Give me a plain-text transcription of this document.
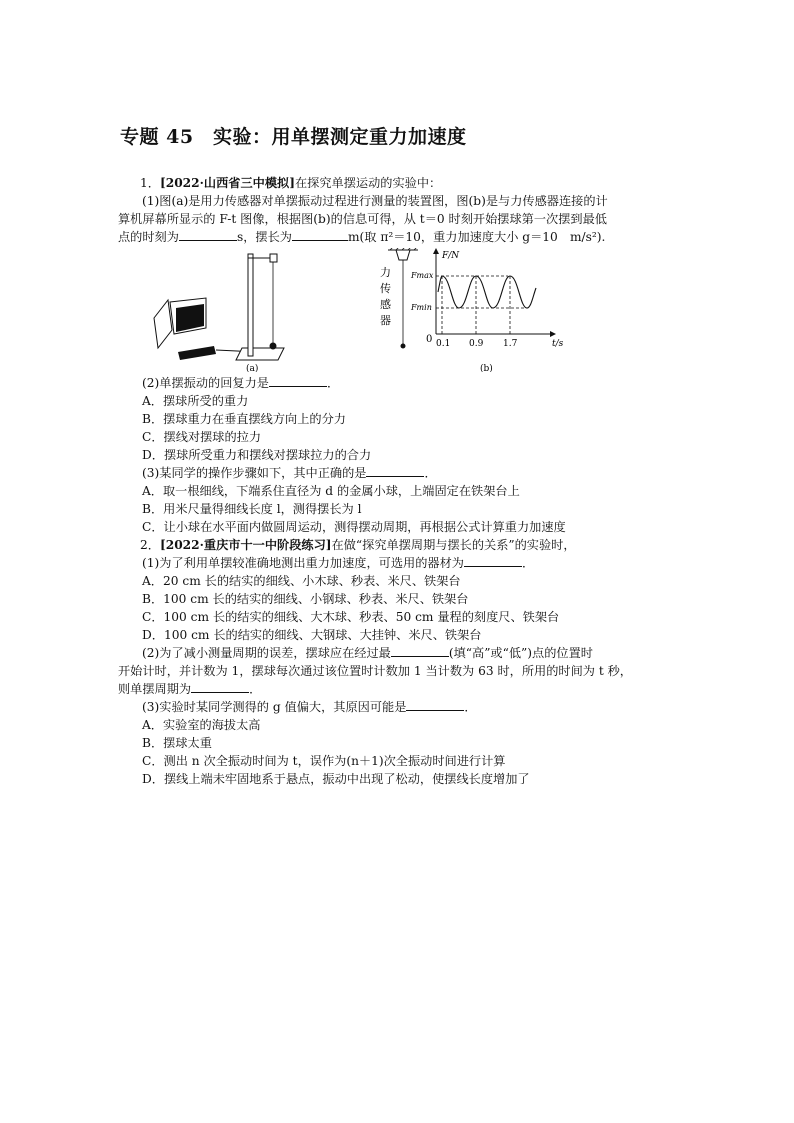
专题 45　实验：用单摆测定重力加速度
1．[2022·山西省三中模拟]在探究单摆运动的实验中：
(1)图(a)是用力传感器对单摆振动过程进行测量的装置图，图(b)是与力传感器连接的计
算机屏幕所显示的 F-t 图像，根据图(b)的信息可得，从 t＝0 时刻开始摆球第一次摆到最低
点的时刻为	s，摆长为	m(取 π²＝10，重力加速度大小 g＝10　m/s²).
(a)
力
传
感
器
F/N
t/s
0
Fmax
Fmin
0.1 0.9 1.7
(b)
(2)单摆振动的回复力是	．
A．摆球所受的重力
B．摆球重力在垂直摆线方向上的分力
C．摆线对摆球的拉力
D．摆球所受重力和摆线对摆球拉力的合力
(3)某同学的操作步骤如下，其中正确的是	．
A．取一根细线，下端系住直径为 d 的金属小球，上端固定在铁架台上
B．用米尺量得细线长度 l，测得摆长为 l
C．让小球在水平面内做圆周运动，测得摆动周期，再根据公式计算重力加速度
2．[2022·重庆市十一中阶段练习]在做“探究单摆周期与摆长的关系”的实验时，
(1)为了利用单摆较准确地测出重力加速度，可选用的器材为	．
A．20 cm 长的结实的细线、小木球、秒表、米尺、铁架台
B．100 cm 长的结实的细线、小钢球、秒表、米尺、铁架台
C．100 cm 长的结实的细线、大木球、秒表、50 cm 量程的刻度尺、铁架台
D．100 cm 长的结实的细线、大钢球、大挂钟、米尺、铁架台
(2)为了减小测量周期的误差，摆球应在经过最	(填“高”或“低”)点的位置时
开始计时，并计数为 1，摆球每次通过该位置时计数加 1 当计数为 63 时，所用的时间为 t 秒，
则单摆周期为	．
(3)实验时某同学测得的 g 值偏大，其原因可能是	．
A．实验室的海拔太高
B．摆球太重
C．测出 n 次全振动时间为 t，误作为(n＋1)次全振动时间进行计算
D．摆线上端未牢固地系于悬点，振动中出现了松动，使摆线长度增加了
